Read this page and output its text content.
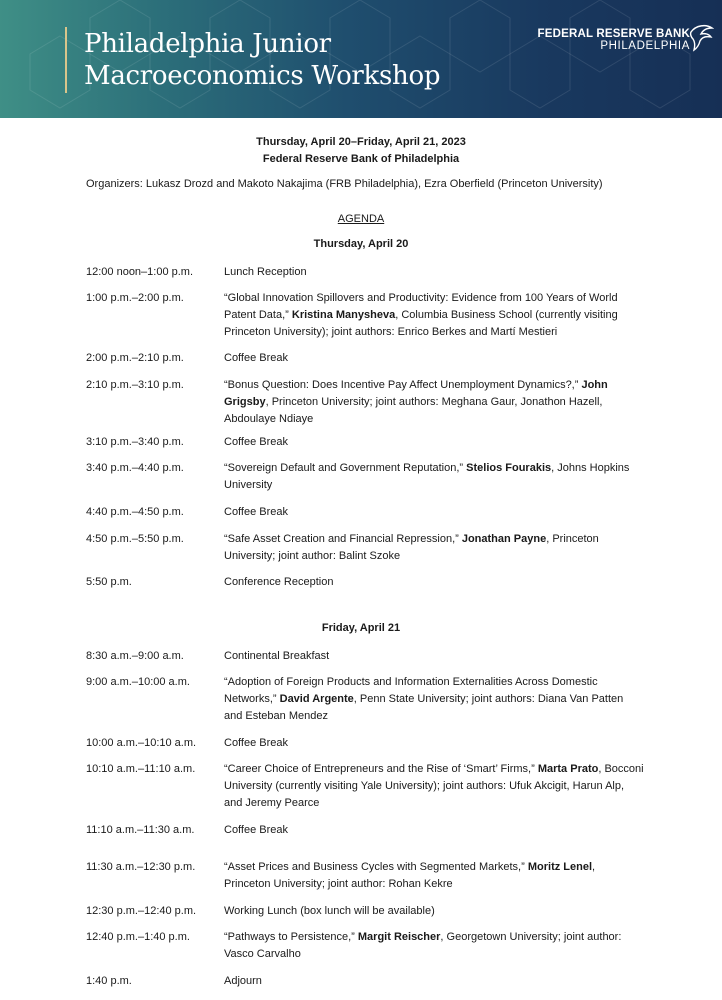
Philadelphia Junior
Macroeconomics Workshop
FEDERAL RESERVE BANK
PHILADELPHIA
Thursday, April 20–Friday, April 21, 2023
Federal Reserve Bank of Philadelphia
Organizers: Lukasz Drozd and Makoto Nakajima (FRB Philadelphia), Ezra Oberfield (Princeton University)
AGENDA
Thursday, April 20
12:00 noon–1:00 p.m.	Lunch Reception
1:00 p.m.–2:00 p.m.	“Global Innovation Spillovers and Productivity: Evidence from 100 Years of World Patent Data,” Kristina Manysheva, Columbia Business School (currently visiting Princeton University); joint authors: Enrico Berkes and Martí Mestieri
2:00 p.m.–2:10 p.m.	Coffee Break
2:10 p.m.–3:10 p.m.	“Bonus Question: Does Incentive Pay Affect Unemployment Dynamics?,” John Grigsby, Princeton University; joint authors: Meghana Gaur, Jonathon Hazell, Abdoulaye Ndiaye
3:10 p.m.–3:40 p.m.	Coffee Break
3:40 p.m.–4:40 p.m.	“Sovereign Default and Government Reputation,” Stelios Fourakis, Johns Hopkins University
4:40 p.m.–4:50 p.m.	Coffee Break
4:50 p.m.–5:50 p.m.	“Safe Asset Creation and Financial Repression,” Jonathan Payne, Princeton University; joint author: Balint Szoke
5:50 p.m.	Conference Reception
Friday, April 21
8:30 a.m.–9:00 a.m.	Continental Breakfast
9:00 a.m.–10:00 a.m.	“Adoption of Foreign Products and Information Externalities Across Domestic Networks,” David Argente, Penn State University; joint authors: Diana Van Patten and Esteban Mendez
10:00 a.m.–10:10 a.m.	Coffee Break
10:10 a.m.–11:10 a.m.	“Career Choice of Entrepreneurs and the Rise of ‘Smart’ Firms,” Marta Prato, Bocconi University (currently visiting Yale University); joint authors: Ufuk Akcigit, Harun Alp, and Jeremy Pearce
11:10 a.m.–11:30 a.m.	Coffee Break
11:30 a.m.–12:30 p.m.	“Asset Prices and Business Cycles with Segmented Markets,” Moritz Lenel, Princeton University; joint author: Rohan Kekre
12:30 p.m.–12:40 p.m.	Working Lunch (box lunch will be available)
12:40 p.m.–1:40 p.m.	“Pathways to Persistence,” Margit Reischer, Georgetown University; joint author: Vasco Carvalho
1:40 p.m.	Adjourn
